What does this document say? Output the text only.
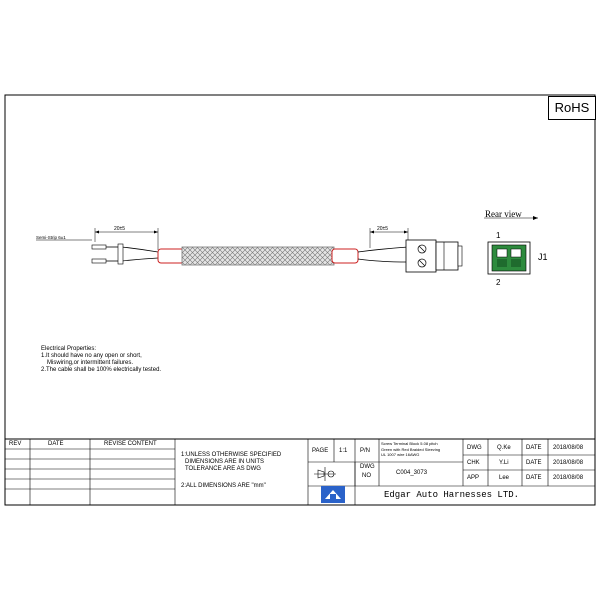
RoHS
Rear view
1
2
J1
Semi-Strip 6±1
20±5	20±5
Electrical Properties:
1.It should have no any open or short,
Miswiring,or intermittent failures.
2.The cable shall be 100% electrically tested.
REV	DATE	REVISE CONTENT
1:UNLESS OTHERWISE SPECIFIED
DIMENSIONS ARE IN UNITS
TOLERANCE ARE AS DWG
2:ALL DIMENSIONS ARE "mm"
PAGE 1:1 P/N
Screw Terminal Block 5.08 pitch
Green with Red Braided Sleeving
UL 1007 wire 16AWG
DWG
NO	C004_3073
Edgar Auto Harnesses LTD.
DWG	Q.Ke	DATE 2018/08/08
CHK	Y.Li	DATE 2018/08/08
APP	Lee	DATE 2018/08/08
